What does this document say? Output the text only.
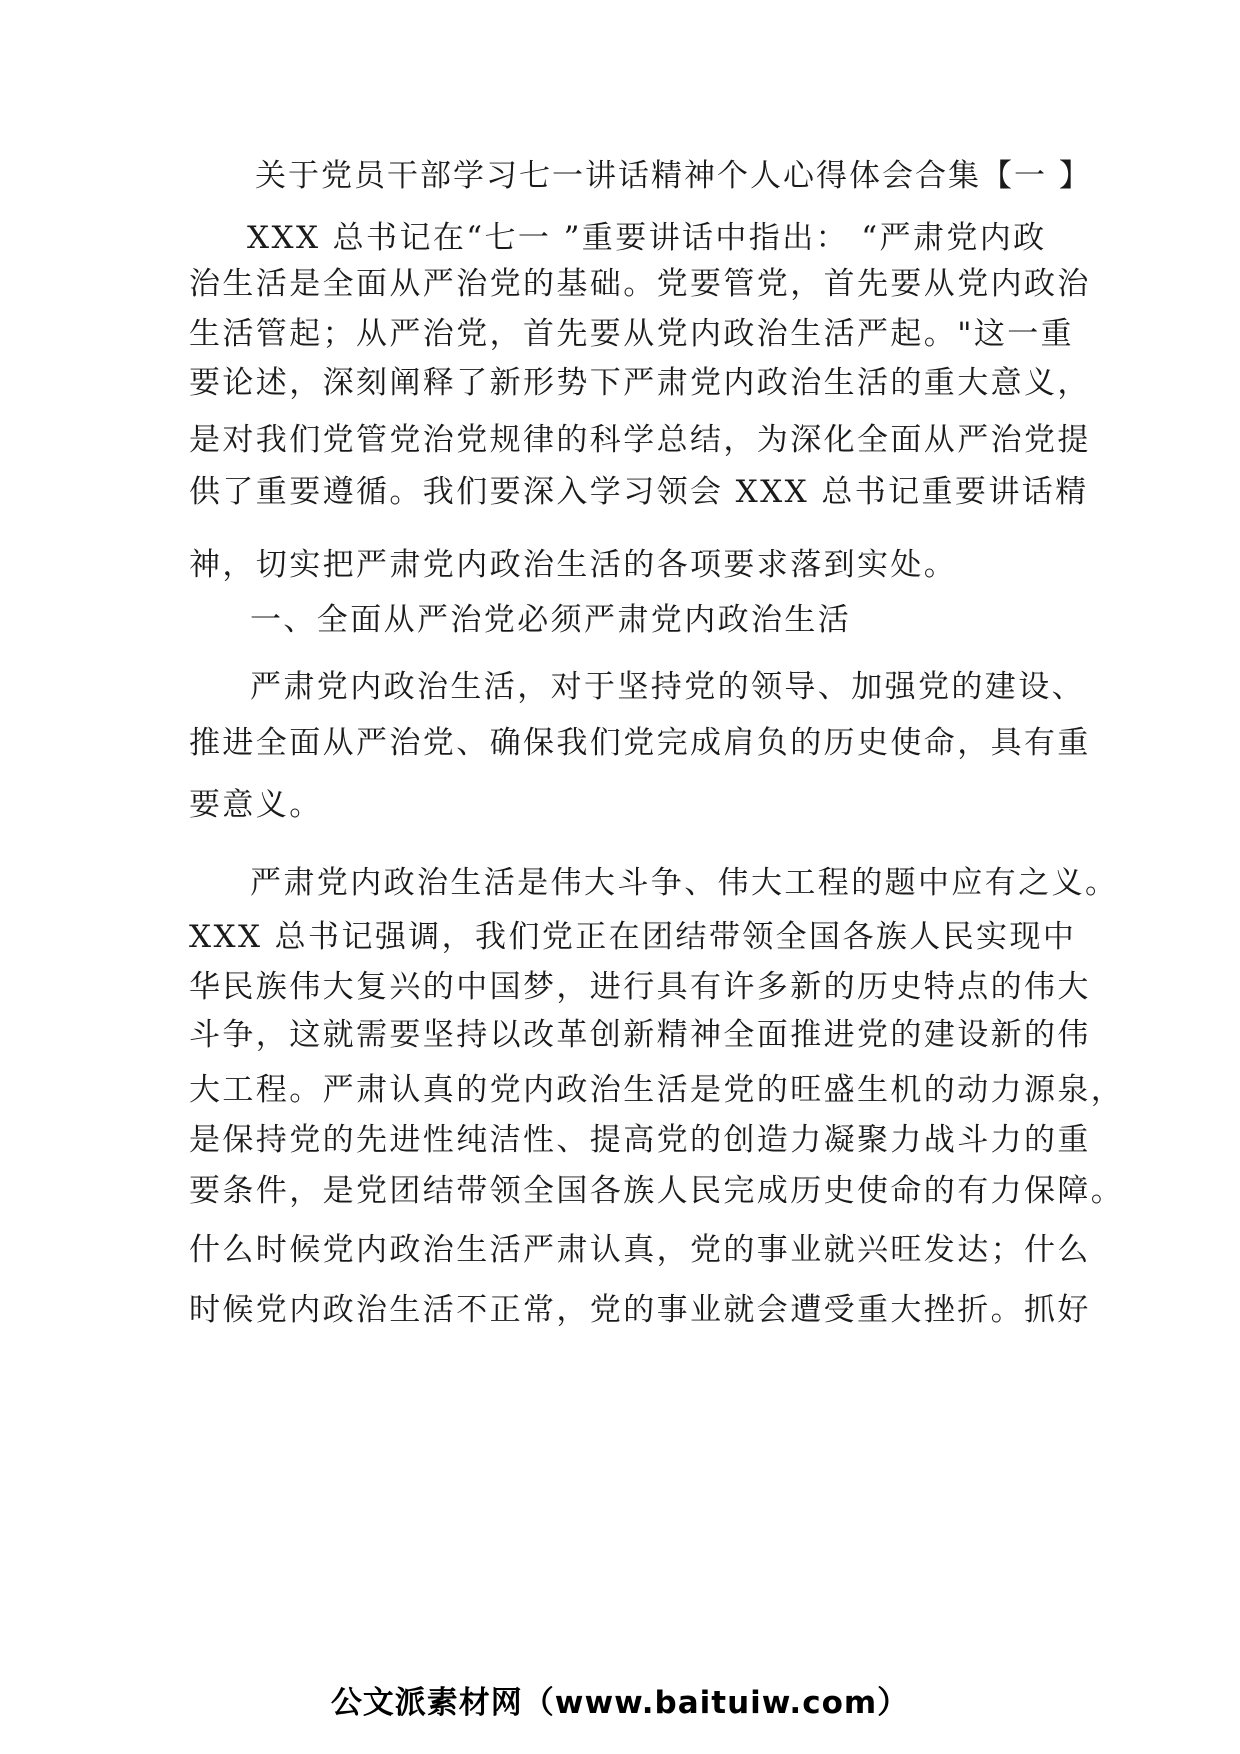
关于党员干部学习七一讲话精神个人心得体会合集【一 】
XXX 总书记在“七一 ”重要讲话中指出： “严肃党内政
治生活是全面从严治党的基础。党要管党，首先要从党内政治
生活管起；从严治党，首先要从党内政治生活严起。"这一重
要论述，深刻阐释了新形势下严肃党内政治生活的重大意义，
是对我们党管党治党规律的科学总结，为深化全面从严治党提
供了重要遵循。我们要深入学习领会 XXX 总书记重要讲话精
神，切实把严肃党内政治生活的各项要求落到实处。
一、全面从严治党必须严肃党内政治生活
严肃党内政治生活，对于坚持党的领导、加强党的建设、
推进全面从严治党、确保我们党完成肩负的历史使命，具有重
要意义。
严肃党内政治生活是伟大斗争、伟大工程的题中应有之义。
XXX 总书记强调，我们党正在团结带领全国各族人民实现中
华民族伟大复兴的中国梦，进行具有许多新的历史特点的伟大
斗争，这就需要坚持以改革创新精神全面推进党的建设新的伟
大工程。严肃认真的党内政治生活是党的旺盛生机的动力源泉，
是保持党的先进性纯洁性、提高党的创造力凝聚力战斗力的重
要条件，是党团结带领全国各族人民完成历史使命的有力保障。
什么时候党内政治生活严肃认真，党的事业就兴旺发达；什么
时候党内政治生活不正常，党的事业就会遭受重大挫折。抓好
公文派素材网（www.baituiw.com）
